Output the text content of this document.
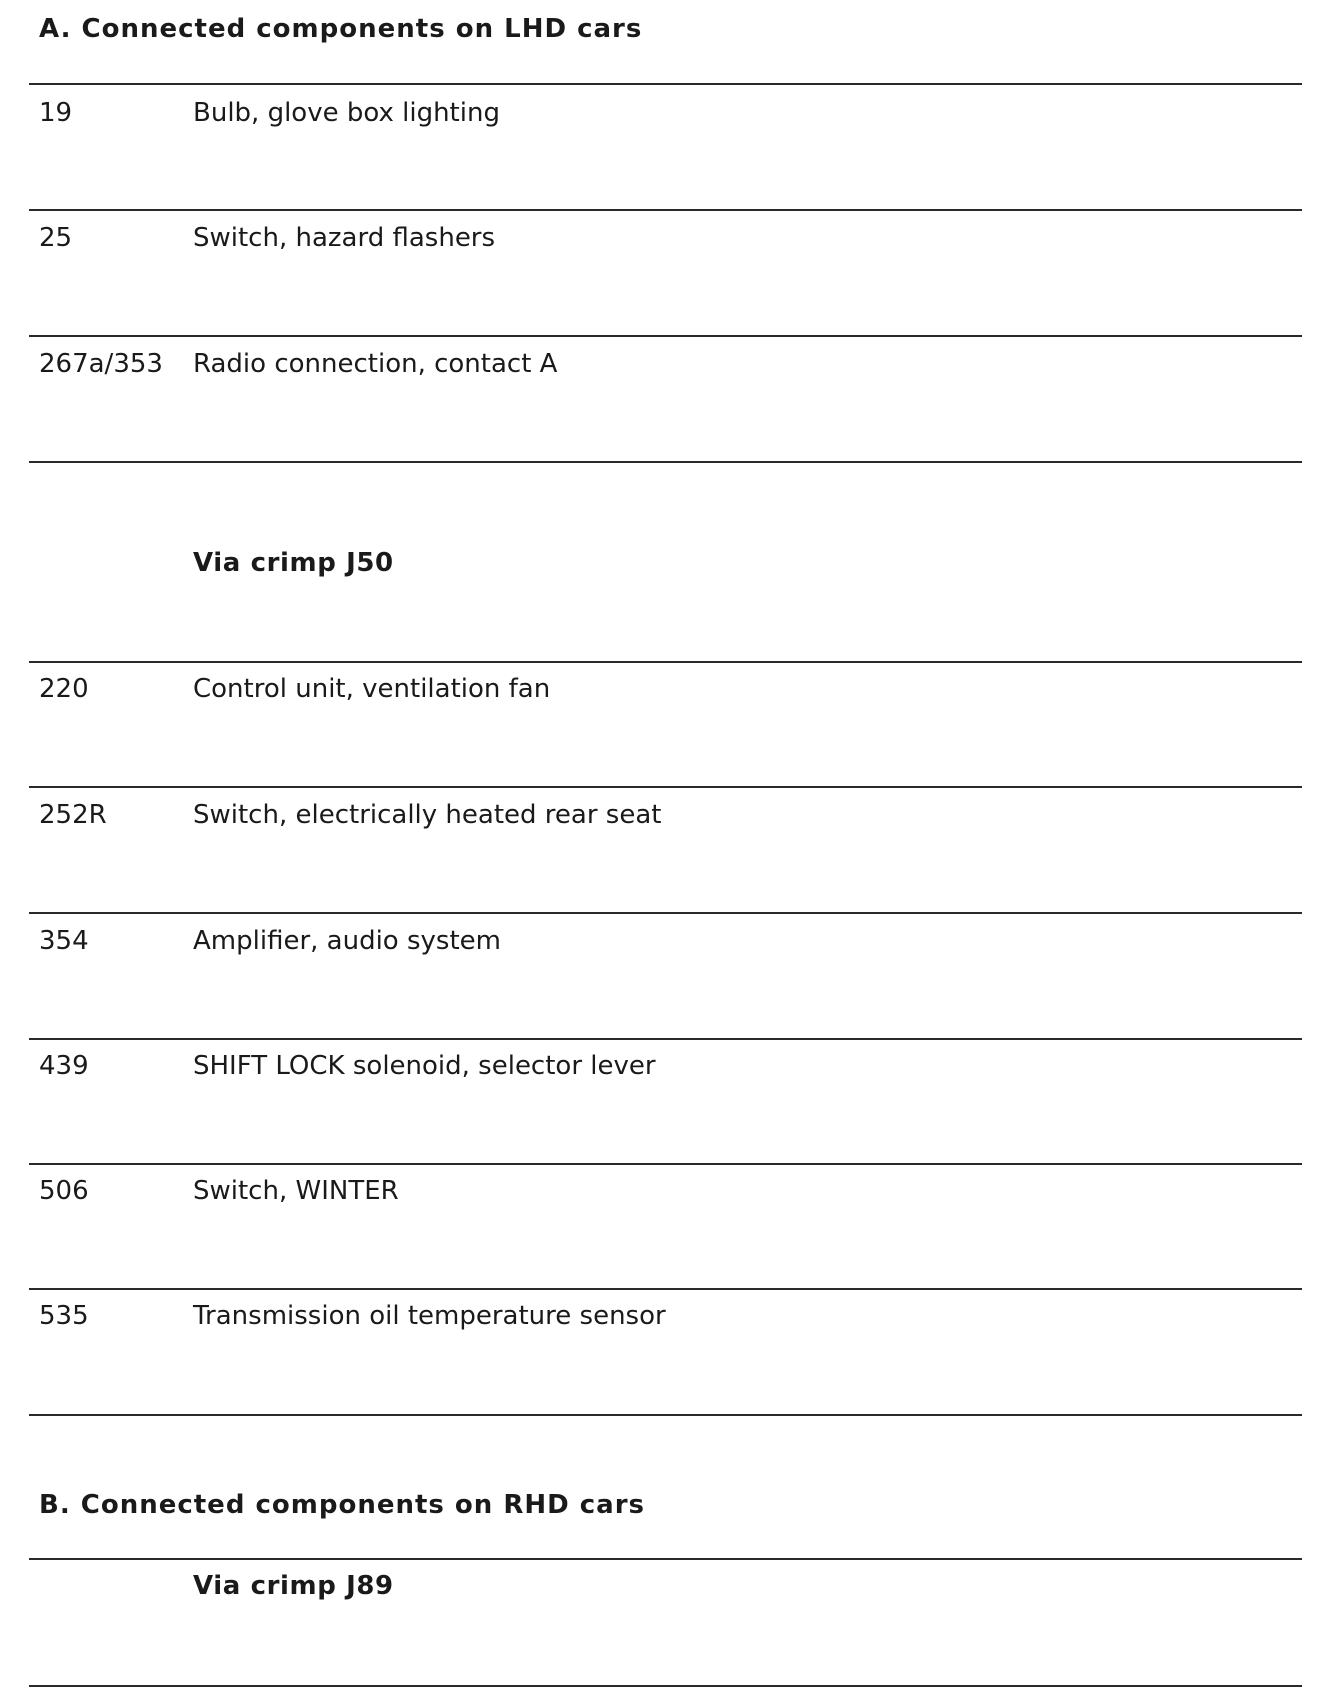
A. Connected components on LHD cars
19	Bulb, glove box lighting
25	Switch, hazard flashers
267a/353 Radio connection, contact A
Via crimp J50
220	Control unit, ventilation fan
252R	Switch, electrically heated rear seat
354	Amplifier, audio system
439	SHIFT LOCK solenoid, selector lever
506	Switch, WINTER
535	Transmission oil temperature sensor
B. Connected components on RHD cars
Via crimp J89
